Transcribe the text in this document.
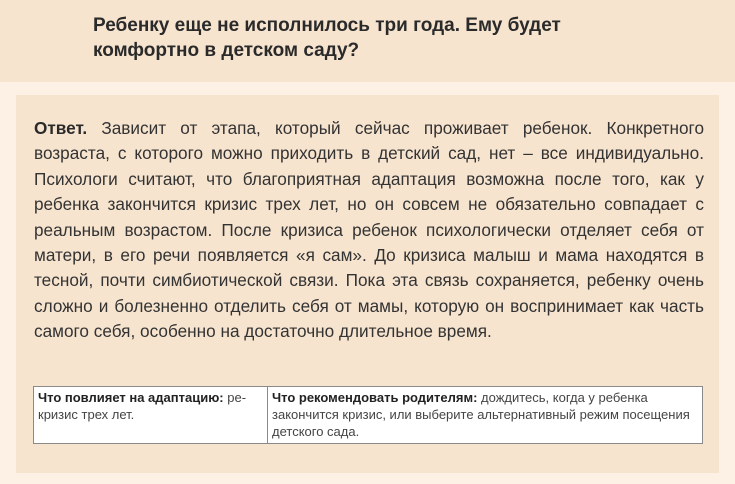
Ребенку еще не исполнилось три года. Ему будет
комфортно в детском саду?
Ответ. Зависит от этапа, который сейчас проживает ребенок. Конкретного возраста, с которого можно приходить в детский сад, нет – все индивидуально. Психологи считают, что благоприятная адаптация возможна после того, как у ребенка закончится кризис трех лет, но он совсем не обязательно совпадает с реальным возрастом. После кризиса ребенок психологически отделяет себя от матери, в его речи появляется «я сам». До кризиса малыш и мама находятся в тесной, почти симбиотической связи. Пока эта связь сохраняется, ребенку очень сложно и болезненно отделить себя от мамы, которую он воспринимает как часть самого себя, особенно на достаточно длительное время.
Что повлияет на адаптацию: рекризис трех лет.
Что рекомендовать родителям: дождитесь, когда у ребенка закончится кризис, или выберите альтернативный режим посещения детского сада.
